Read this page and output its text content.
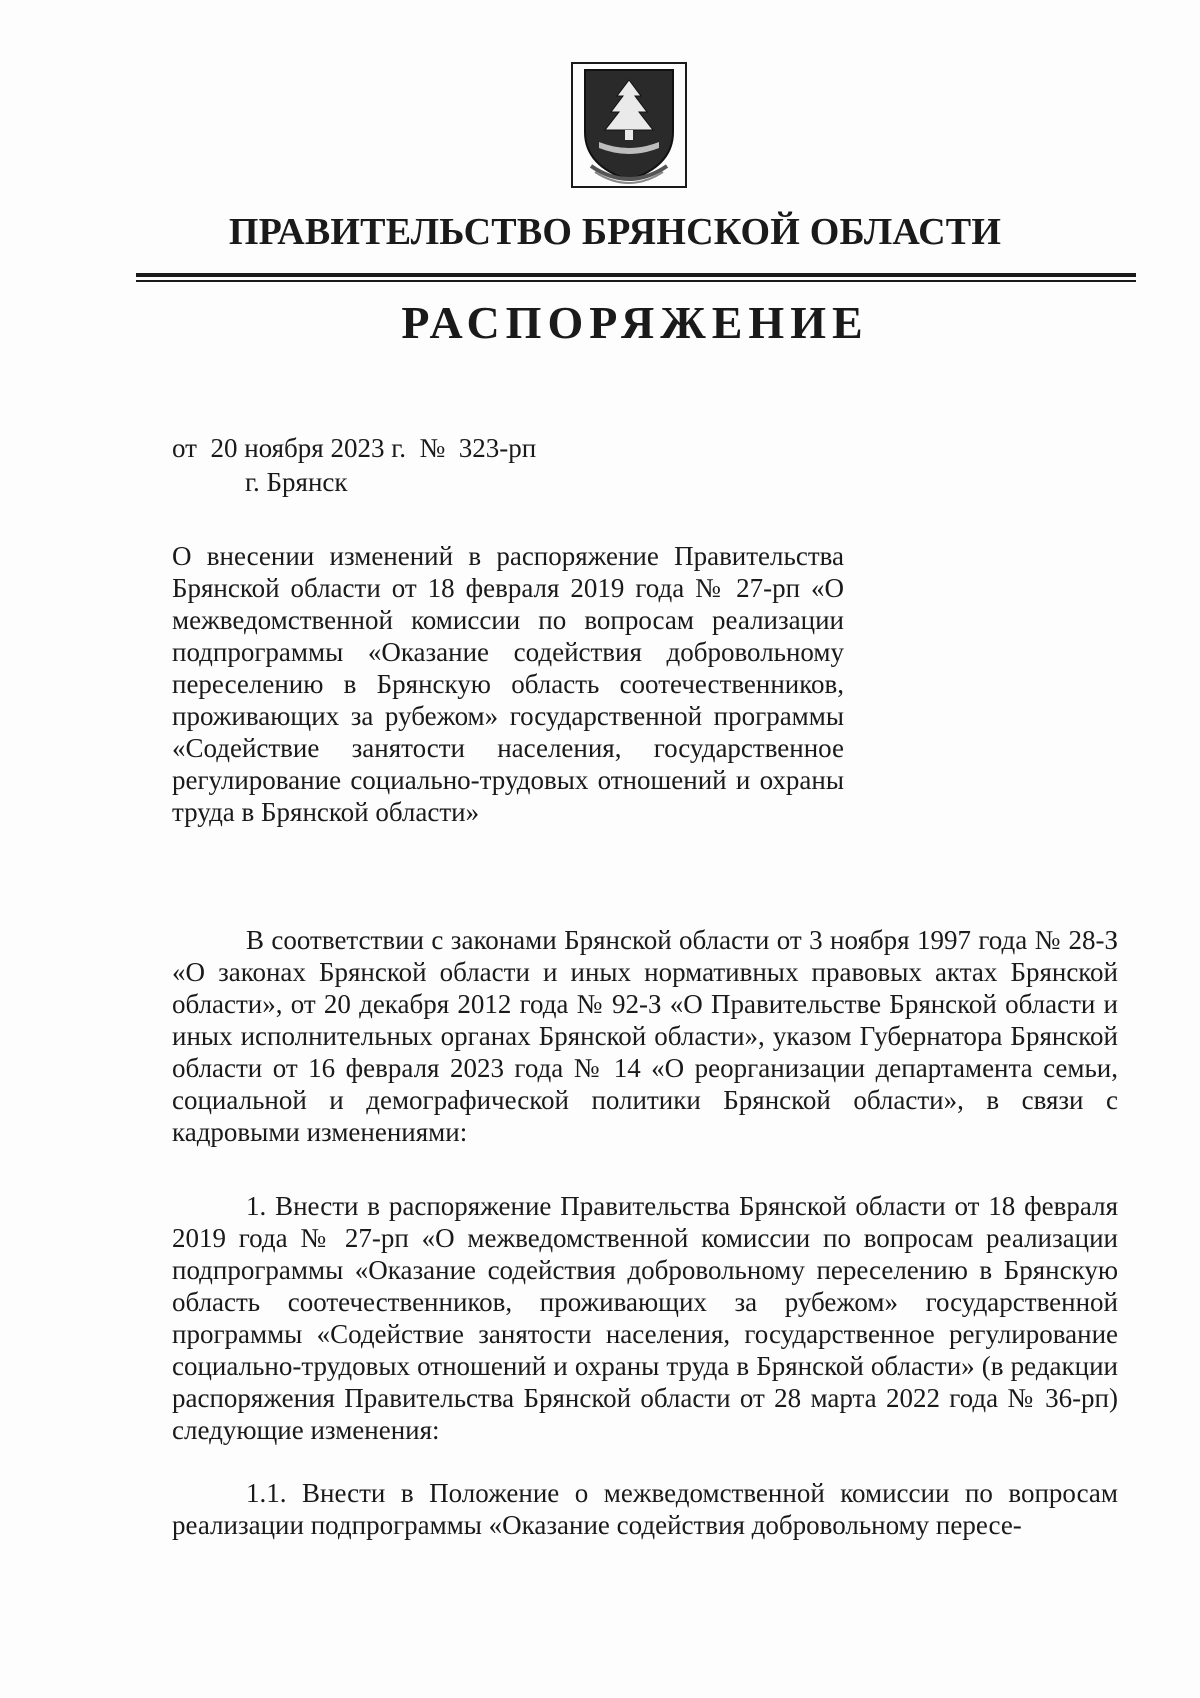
ПРАВИТЕЛЬСТВО БРЯНСКОЙ ОБЛАСТИ
РАСПОРЯЖЕНИЕ
от  20 ноября 2023 г.  №  323-рп
г. Брянск
О внесении изменений в распоряжение Правительства Брянской области от 18 февраля 2019 года № 27-рп «О межведомственной комиссии по вопросам реализации подпрограммы «Оказание содействия добровольному переселению в Брянскую область соотечественников, проживающих за рубежом» государственной программы «Содействие занятости населения, государственное регулирование социально-трудовых отношений и охраны труда в Брянской области»
В соответствии с законами Брянской области от 3 ноября 1997 года № 28-З «О законах Брянской области и иных нормативных правовых актах Брянской области», от 20 декабря 2012 года № 92-З «О Правительстве Брянской области и иных исполнительных органах Брянской области», указом Губернатора Брянской области от 16 февраля 2023 года № 14 «О реорганизации департамента семьи, социальной и демографической политики Брянской области», в связи с кадровыми изменениями:
1. Внести в распоряжение Правительства Брянской области от 18 февраля 2019 года № 27-рп «О межведомственной комиссии по вопросам реализации подпрограммы «Оказание содействия добровольному переселению в Брянскую область соотечественников, проживающих за рубежом» государственной программы «Содействие занятости населения, государственное регулирование социально-трудовых отношений и охраны труда в Брянской области» (в редакции распоряжения Правительства Брянской области от 28 марта 2022 года № 36-рп) следующие изменения:
1.1. Внести в Положение о межведомственной комиссии по вопросам реализации подпрограммы «Оказание содействия добровольному пересе-
